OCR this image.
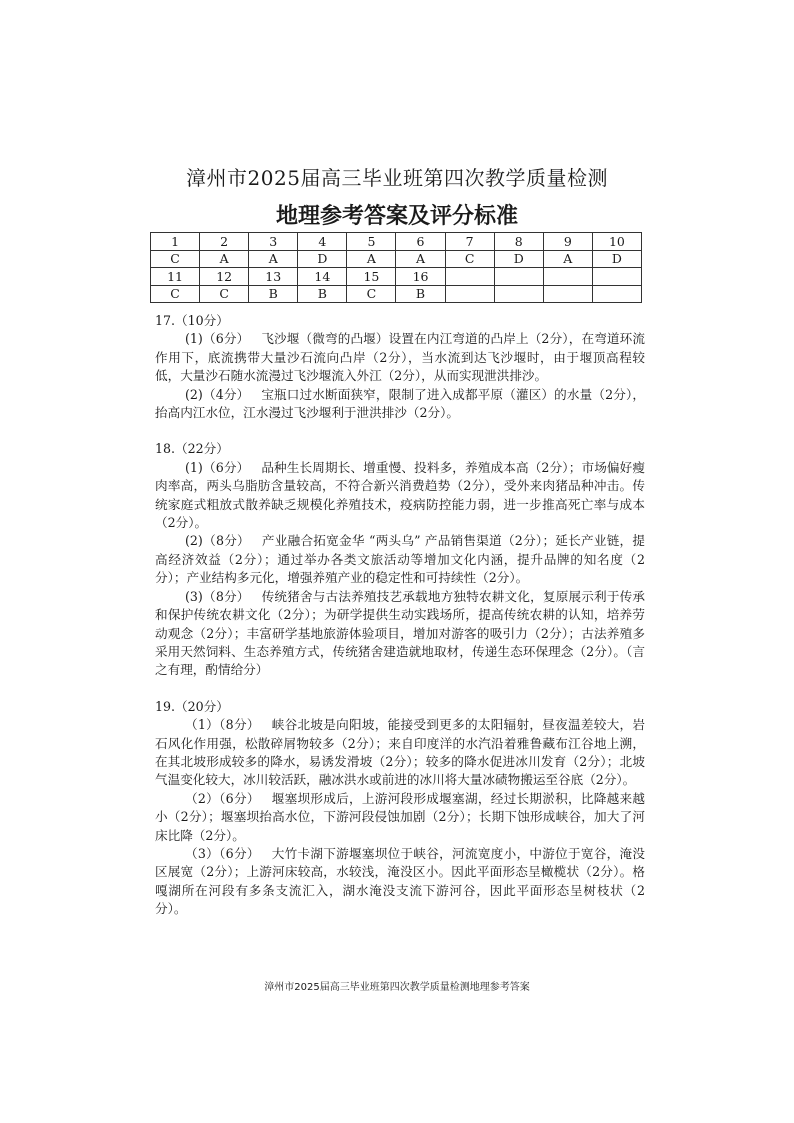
漳州市2025届高三毕业班第四次教学质量检测
地理参考答案及评分标准
1	2	3	4	5	6	7	8	9	10
C	A	A	D	A	A	C	D	A	D
11	12	13	14	15	16				
C	C	B	B	C	B				

17.（10分）

(1)（6分） 飞沙堰（微弯的凸堰）设置在内江弯道的凸岸上（2分），在弯道环流作用下，底流携带大量沙石流向凸岸（2分），当水流到达飞沙堰时，由于堰顶高程较低，大量沙石随水流漫过飞沙堰流入外江（2分），从而实现泄洪排沙。

(2)（4分） 宝瓶口过水断面狭窄，限制了进入成都平原（灌区）的水量（2分），抬高内江水位，江水漫过飞沙堰利于泄洪排沙（2分）。

18.（22分）

(1)（6分） 品种生长周期长、增重慢、投料多，养殖成本高（2分）；市场偏好瘦肉率高，两头乌脂肪含量较高，不符合新兴消费趋势（2分），受外来肉猪品种冲击。传统家庭式粗放式散养缺乏规模化养殖技术，疫病防控能力弱，进一步推高死亡率与成本（2分）。

(2)（8分） 产业融合拓宽金华 “两头乌” 产品销售渠道（2分）；延长产业链，提高经济效益（2分）；通过举办各类文旅活动等增加文化内涵，提升品牌的知名度（2分）；产业结构多元化，增强养殖产业的稳定性和可持续性（2分）。

(3)（8分） 传统猪舍与古法养殖技艺承载地方独特农耕文化，复原展示利于传承和保护传统农耕文化（2分）；为研学提供生动实践场所，提高传统农耕的认知，培养劳动观念（2分）；丰富研学基地旅游体验项目，增加对游客的吸引力（2分）；古法养殖多采用天然饲料、生态养殖方式，传统猪舍建造就地取材，传递生态环保理念（2分）。（言之有理，酌情给分）

19.（20分）

（1）（8分） 峡谷北坡是向阳坡，能接受到更多的太阳辐射，昼夜温差较大，岩石风化作用强，松散碎屑物较多（2分）；来自印度洋的水汽沿着雅鲁藏布江谷地上溯，在其北坡形成较多的降水，易诱发滑坡（2分）；较多的降水促进冰川发育（2分）；北坡气温变化较大，冰川较活跃，融冰洪水或前进的冰川将大量冰碛物搬运至谷底（2分）。

（2）（6分） 堰塞坝形成后，上游河段形成堰塞湖，经过长期淤积，比降越来越小（2分）；堰塞坝抬高水位，下游河段侵蚀加剧（2分）；长期下蚀形成峡谷，加大了河床比降（2分）。

（3）（6分） 大竹卡湖下游堰塞坝位于峡谷，河流宽度小，中游位于宽谷，淹没区展宽（2分）；上游河床较高，水较浅，淹没区小。因此平面形态呈橄榄状（2分）。格嘎湖所在河段有多条支流汇入，湖水淹没支流下游河谷，因此平面形态呈树枝状（2分）。

漳州市2025届高三毕业班第四次教学质量检测地理参考答案
